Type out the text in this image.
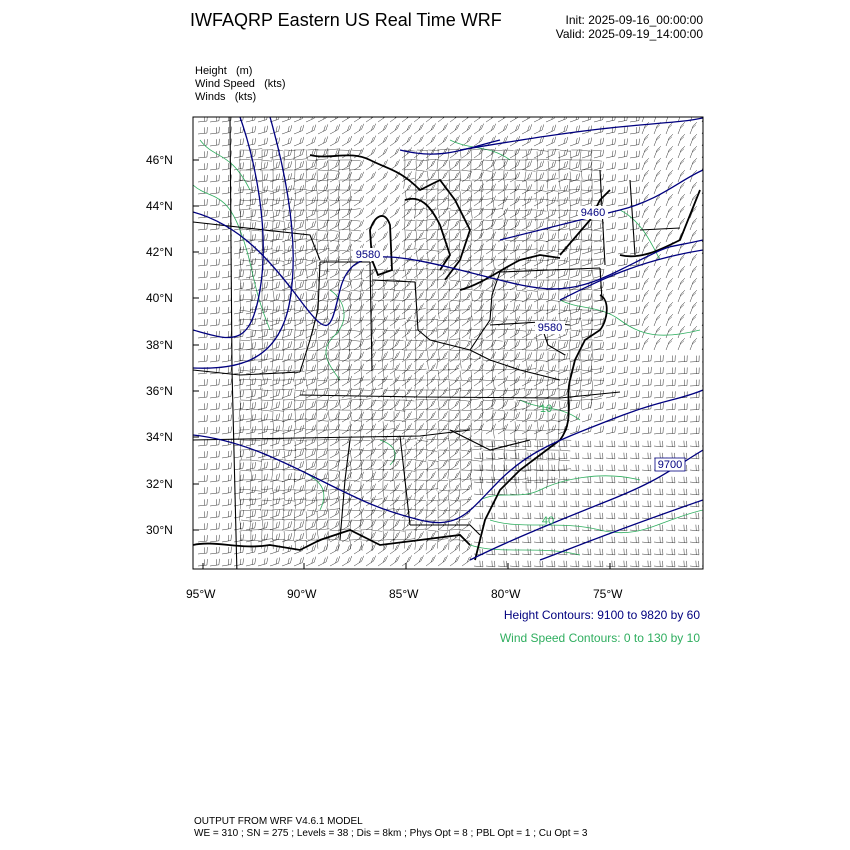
IWFAQRP Eastern US Real Time WRF	Init: 2025-09-16_00:00:00
Valid: 2025-09-19_14:00:00
Height (m)
Wind Speed (kts)
Winds (kts)
9580
9460
9580
9700
40
10
46°N
44°N
42°N
40°N
38°N
36°N
34°N
32°N
30°N
95°W	90°W	85°W	80°W	75°W
Height Contours: 9100 to 9820 by 60
Wind Speed Contours: 0 to 130 by 10
OUTPUT FROM WRF V4.6.1 MODEL
WE = 310 ; SN = 275 ; Levels = 38 ; Dis = 8km ; Phys Opt = 8 ; PBL Opt = 1 ; Cu Opt = 3
